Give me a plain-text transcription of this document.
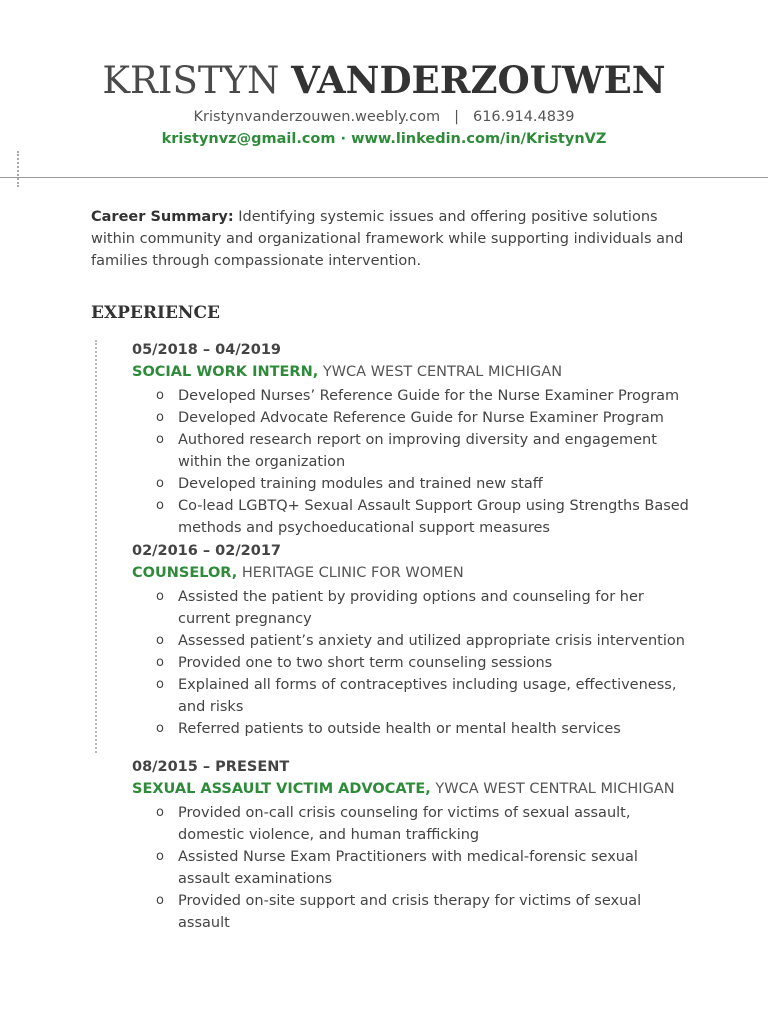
KRISTYN VANDERZOUWEN
Kristynvanderzouwen.weebly.com | 616.914.4839
kristynvz@gmail.com · www.linkedin.com/in/KristynVZ
Career Summary: Identifying systemic issues and offering positive solutions within community and organizational framework while supporting individuals and families through compassionate intervention.
EXPERIENCE
05/2018 – 04/2019
SOCIAL WORK INTERN, YWCA WEST CENTRAL MICHIGAN
o Developed Nurses’ Reference Guide for the Nurse Examiner Program
o Developed Advocate Reference Guide for Nurse Examiner Program
o Authored research report on improving diversity and engagement within the organization
o Developed training modules and trained new staff
o Co-lead LGBTQ+ Sexual Assault Support Group using Strengths Based methods and psychoeducational support measures
02/2016 – 02/2017
COUNSELOR, HERITAGE CLINIC FOR WOMEN
o Assisted the patient by providing options and counseling for her current pregnancy
o Assessed patient’s anxiety and utilized appropriate crisis intervention
o Provided one to two short term counseling sessions
o Explained all forms of contraceptives including usage, effectiveness, and risks
o Referred patients to outside health or mental health services
08/2015 – PRESENT
SEXUAL ASSAULT VICTIM ADVOCATE, YWCA WEST CENTRAL MICHIGAN
o Provided on-call crisis counseling for victims of sexual assault, domestic violence, and human trafficking
o Assisted Nurse Exam Practitioners with medical-forensic sexual assault examinations
o Provided on-site support and crisis therapy for victims of sexual assault
